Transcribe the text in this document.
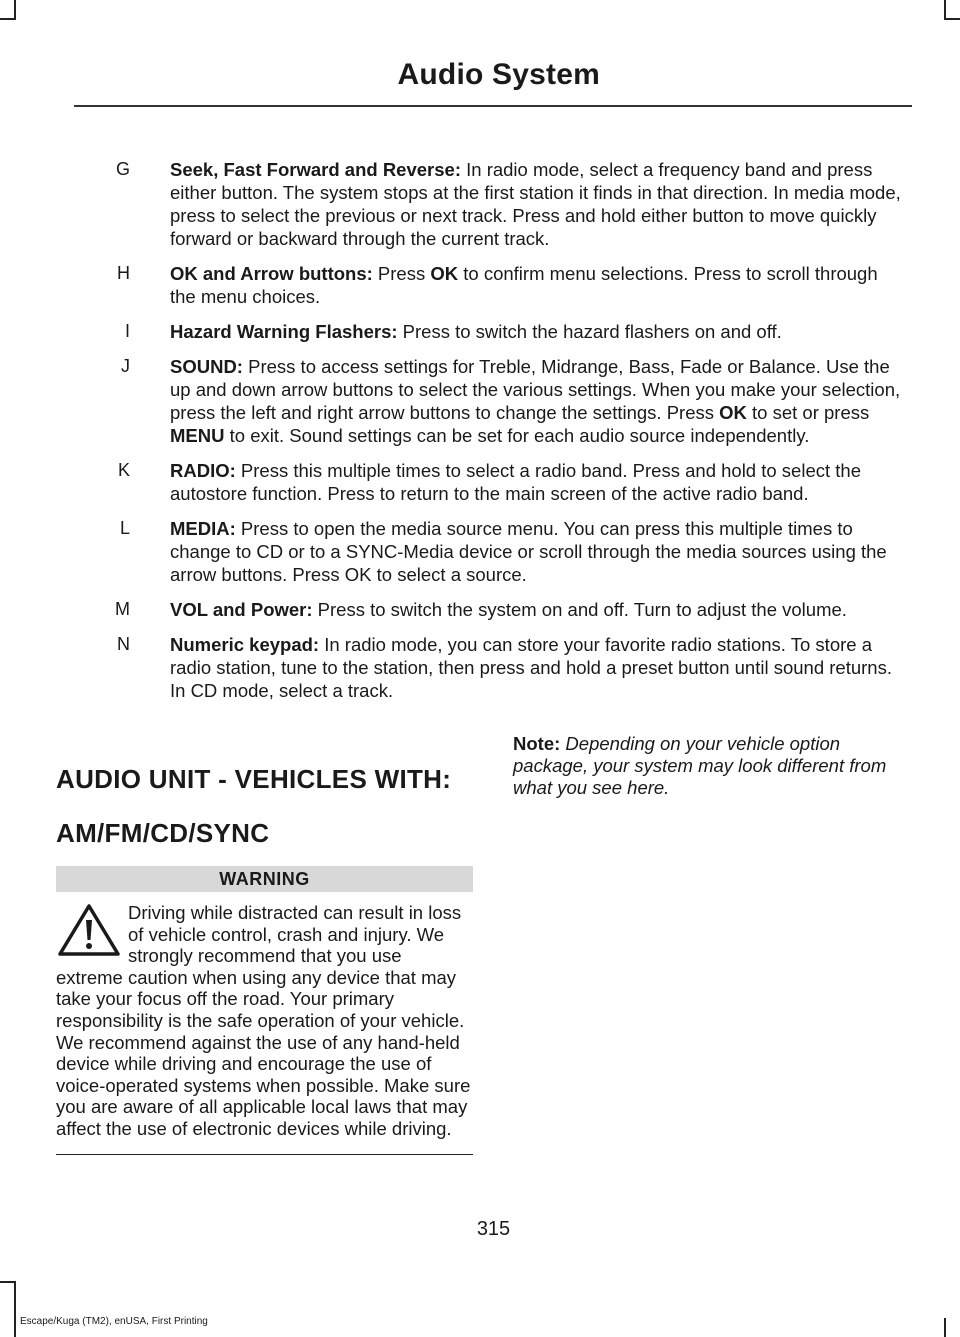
Audio System
G Seek, Fast Forward and Reverse: In radio mode, select a frequency band and press either button. The system stops at the first station it finds in that direction. In media mode, press to select the previous or next track. Press and hold either button to move quickly forward or backward through the current track.
H OK and Arrow buttons: Press OK to confirm menu selections. Press to scroll through the menu choices.
I Hazard Warning Flashers: Press to switch the hazard flashers on and off.
J SOUND: Press to access settings for Treble, Midrange, Bass, Fade or Balance. Use the up and down arrow buttons to select the various settings. When you make your selection, press the left and right arrow buttons to change the settings. Press OK to set or press MENU to exit. Sound settings can be set for each audio source independently.
K RADIO: Press this multiple times to select a radio band. Press and hold to select the autostore function. Press to return to the main screen of the active radio band.
L MEDIA: Press to open the media source menu. You can press this multiple times to change to CD or to a SYNC-Media device or scroll through the media sources using the arrow buttons. Press OK to select a source.
M VOL and Power: Press to switch the system on and off. Turn to adjust the volume.
N Numeric keypad: In radio mode, you can store your favorite radio stations. To store a radio station, tune to the station, then press and hold a preset button until sound returns. In CD mode, select a track.
AUDIO UNIT - VEHICLES WITH:
AM/FM/CD/SYNC
WARNING
Driving while distracted can result in loss of vehicle control, crash and injury. We strongly recommend that you use extreme caution when using any device that may take your focus off the road. Your primary responsibility is the safe operation of your vehicle. We recommend against the use of any hand-held device while driving and encourage the use of voice-operated systems when possible. Make sure you are aware of all applicable local laws that may affect the use of electronic devices while driving.
Note: Depending on your vehicle option package, your system may look different from what you see here.
315
Escape/Kuga (TM2), enUSA, First Printing
